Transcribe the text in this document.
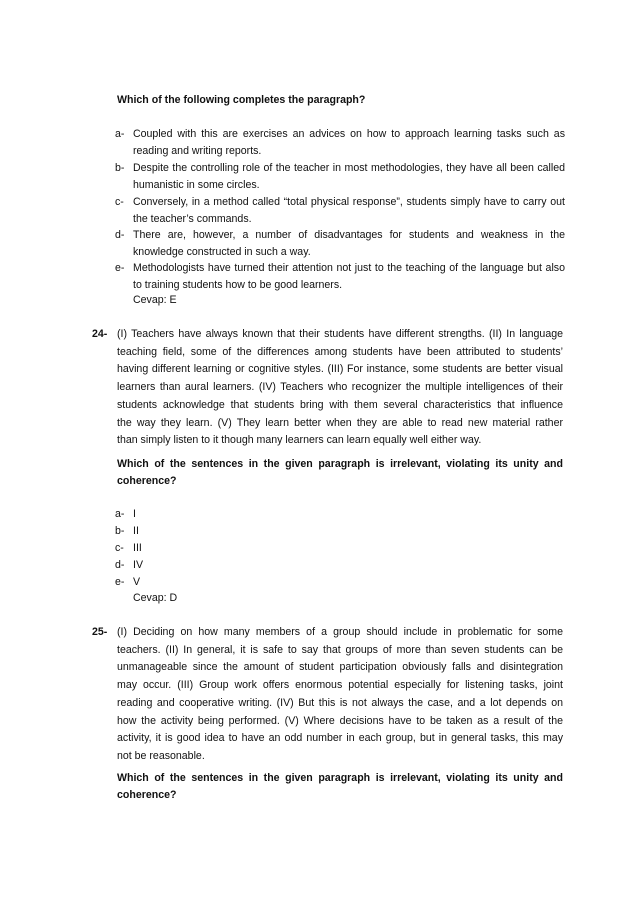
Which of the following completes the paragraph?
a- Coupled with this are exercises an advices on how to approach learning tasks such as reading and writing reports.
b- Despite the controlling role of the teacher in most methodologies, they have all been called humanistic in some circles.
c- Conversely, in a method called “total physical response”, students simply have to carry out the teacher’s commands.
d- There are, however, a number of disadvantages for students and weakness in the knowledge constructed in such a way.
e- Methodologists have turned their attention not just to the teaching of the language but also to training students how to be good learners.
Cevap: E
24- (I) Teachers have always known that their students have different strengths. (II) In language
teaching field, some of the differences among students have been attributed to students’
having different learning or cognitive styles. (III) For instance, some students are better visual
learners than aural learners. (IV) Teachers who recognizer the multiple intelligences of their
students acknowledge that students bring with them several characteristics that influence
the way they learn. (V) They learn better when they are able to read new material rather
than simply listen to it though many learners can learn equally well either way.
Which of the sentences in the given paragraph is irrelevant, violating its unity and coherence?
a- I
b- II
c- III
d- IV
e- V
Cevap: D
25- (I) Deciding on how many members of a group should include in problematic for some
teachers. (II) In general, it is safe to say that groups of more than seven students can be
unmanageable since the amount of student participation obviously falls and disintegration
may occur. (III) Group work offers enormous potential especially for listening tasks, joint
reading and cooperative writing. (IV) But this is not always the case, and a lot depends on
how the activity being performed. (V) Where decisions have to be taken as a result of the
activity, it is good idea to have an odd number in each group, but in general tasks, this may
not be reasonable.
Which of the sentences in the given paragraph is irrelevant, violating its unity and coherence?
